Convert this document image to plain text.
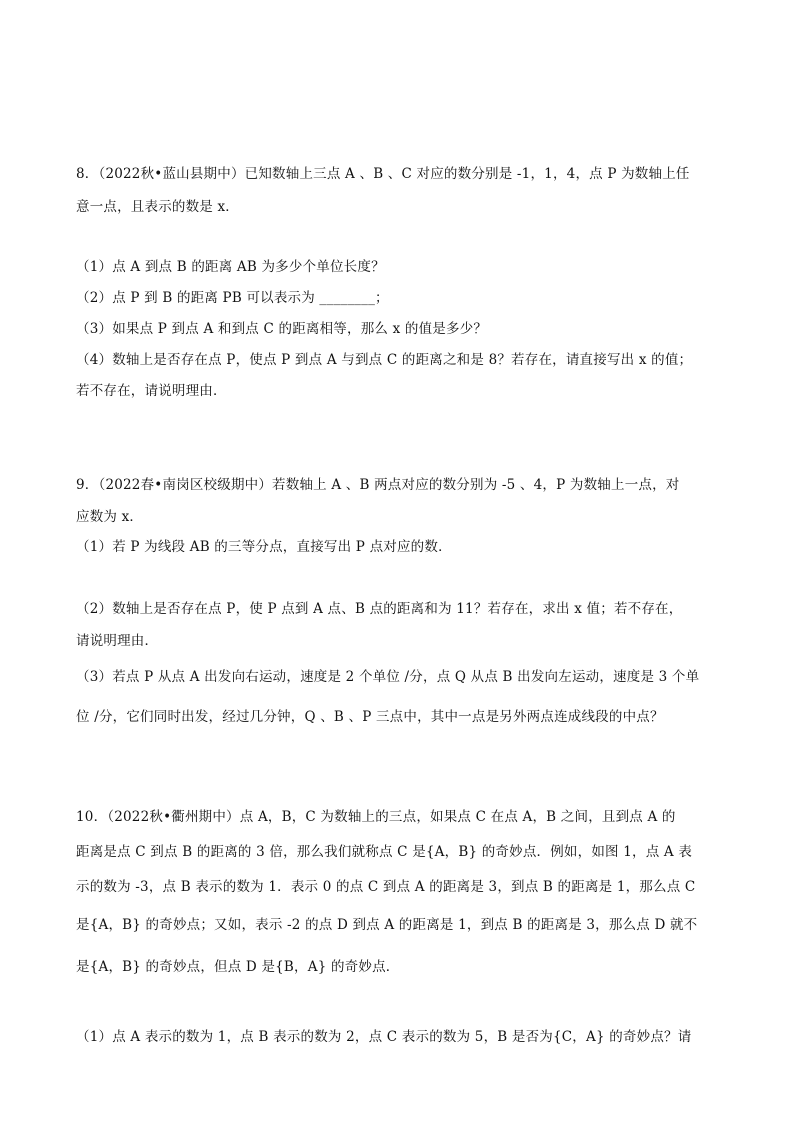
8．（2022秋•蓝山县期中）已知数轴上三点 A 、B 、C 对应的数分别是 -1，1，4，点 P 为数轴上任
意一点，且表示的数是 x．
（1）点 A 到点 B 的距离 AB 为多少个单位长度？
（2）点 P 到 B 的距离 PB 可以表示为 ________；
（3）如果点 P 到点 A 和到点 C 的距离相等，那么 x 的值是多少？
（4）数轴上是否存在点 P，使点 P 到点 A 与到点 C 的距离之和是 8？若存在，请直接写出 x 的值；
若不存在，请说明理由．
9．（2022春•南岗区校级期中）若数轴上 A 、B 两点对应的数分别为 -5 、4，P 为数轴上一点，对
应数为 x．
（1）若 P 为线段 AB 的三等分点，直接写出 P 点对应的数．
（2）数轴上是否存在点 P，使 P 点到 A 点、B 点的距离和为 11？若存在，求出 x 值；若不存在，
请说明理由．
（3）若点 P 从点 A 出发向右运动，速度是 2 个单位 /分，点 Q 从点 B 出发向左运动，速度是 3 个单
位 /分，它们同时出发，经过几分钟，Q 、B 、P 三点中，其中一点是另外两点连成线段的中点？
10．（2022秋•衢州期中）点 A，B，C 为数轴上的三点，如果点 C 在点 A，B 之间，且到点 A 的
距离是点 C 到点 B 的距离的 3 倍，那么我们就称点 C 是{A，B} 的奇妙点．例如，如图 1，点 A 表
示的数为 -3，点 B 表示的数为 1．表示 0 的点 C 到点 A 的距离是 3，到点 B 的距离是 1，那么点 C
是{A，B} 的奇妙点；又如，表示 -2 的点 D 到点 A 的距离是 1，到点 B 的距离是 3，那么点 D 就不
是{A，B} 的奇妙点，但点 D 是{B，A} 的奇妙点．
（1）点 A 表示的数为 1，点 B 表示的数为 2，点 C 表示的数为 5，B 是否为{C，A} 的奇妙点？请
